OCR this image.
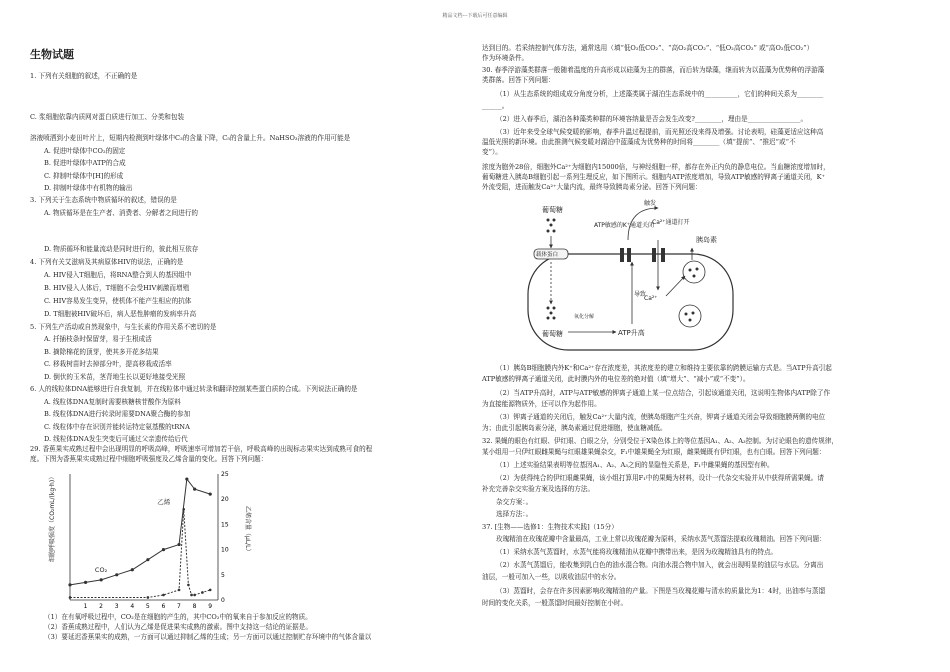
精品文档---下载后可任意编辑
生物试题
1. 下列有关细胞的叙述，不正确的是
C. 浆细胞依靠内质网对蛋白质进行加工、分类和包装
溶液喷洒到小麦田叶片上，短期内检测到叶绿体中C₃的含量下降，C₅的含量上升。NaHSO₃溶液的作用可能是
A. 促进叶绿体中CO₂的固定
B. 促进叶绿体中ATP的合成
C. 抑制叶绿体中[H]的形成
D. 抑制叶绿体中有机物的输出
3. 下列关于生态系统中物质循环的叙述，错误的是
A. 物质循环是在生产者、消费者、分解者之间进行的
D. 物质循环和能量流动是同时进行的，彼此相互依存
4. 下列有关艾滋病及其病原体HIV的说法，正确的是
A. HIV侵入T细胞后，将RNA整合到人的基因组中
B. HIV侵入人体后，T细胞不会受HIV刺激而增殖
C. HIV容易发生变异，使机体不能产生相应的抗体
D. T细胞被HIV破坏后，病人恶性肿瘤的发病率升高
5. 下列生产活动或自然现象中，与生长素的作用关系不密切的是
A. 扦插枝条时保留芽，易于生根成活
B. 摘除棉花的顶芽，使其多开花多结果
C. 移栽树苗时去掉部分叶，提高移栽成活率
D. 倒伏的玉米苗，茎背地生长以更好地接受光照
6. 人的线粒体DNA能够进行自我复制，并在线粒体中通过转录和翻译控制某些蛋白质的合成。下列说法正确的是
A. 线粒体DNA复制时需要核糖核苷酸作为原料
B. 线粒体DNA进行转录时需要DNA聚合酶的参加
C. 线粒体中存在识别并能转运特定氨基酸的tRNA
D. 线粒体DNA发生突变后可通过父亲遗传给后代
29. 香蕉果实成熟过程中会出现明显的呼吸高峰，呼吸速率可增加若干倍，呼吸高峰的出现标志果实达到成熟可食的程
度。下图为香蕉果实成熟过程中细胞呼吸强度及乙烯含量的变化。回答下列问题：
（1）在有氧呼吸过程中，CO₂是在细胞的产生的，其中CO₂中的氧来自于参加反应的物质。
（2）香蕉成熟过程中，人们认为乙烯是促进果实成熟的激素。图中支持这一结论的证据是。
（3）要延迟香蕉果实的成熟，一方面可以通过抑制乙烯的生成；另一方面可以通过控制贮存环境中的气体含量以
细胞呼吸强度（CO₂mL/(kg·h)）	乙烯含量（μL/L）
1 2 3 4 5 6 7 8 9
0
5
10
15
20
25
CO₂
乙烯
达到目的。若采纳控制气体方法，通常选用（填“低O₂低CO₂”、“高O₂高CO₂”、“低O₂高CO₂” 或“高O₂低CO₂”）
作为环境条件。
30. 春季浮游藻类群落一般随着温度的升高形成以硅藻为主的群落，而后转为绿藻，继而转为以蓝藻为优势种的浮游藻
类群落。回答下列问题：
（1）从生态系统的组成成分角度分析，上述藻类属于湖泊生态系统中的__________，它们的种间关系为________
______。
（2）进入春季后，湖泊各种藻类种群的环境容纳量是否会发生改变?________，理由是________________。
（3）近年来受全球气候变暖的影响，春季升温过程提前，而光照还没来得及增强。讨论表明，硅藻更适应这种高
温低光照的新环境。由此推测气候变暖对湖泊中蓝藻成为优势种的时间将________（填“提前”、“推迟”或“不
变”）。
浓度为胞外28倍，细胞外Ca²⁺为细胞内15000倍，与神经细胞一样，都存在外正内负的静息电位。当血糖浓度增加时，
葡萄糖进入胰岛B细胞引起一系列生理反应，如下图所示。细胞内ATP浓度增加，导致ATP敏感的钾离子通道关闭，K⁺
外流受阻，进而触发Ca²⁺大量内流，最终导致胰岛素分泌。回答下列问题：
（1）胰岛B细胞膜内外K⁺和Ca²⁺存在浓度差，其浓度差的建立和维持主要依靠的跨膜运输方式是。当ATP升高引起
ATP敏感的钾离子通道关闭，此时膜内外的电位差的绝对值（填“增大”、“减小”或“不变”）。
（2）当ATP升高时，ATP与ATP敏感的钾离子通道上某一位点结合，引起该通道关闭，这说明生物体内ATP除了作
为直接能源物质外，还可以作为起作用。
（3）钾离子通道的关闭后，触发Ca²⁺大量内流，使胰岛细胞产生兴奋，钾离子通道关闭会导致细胞膜两侧的电位
为；由此引起胰岛素分泌，胰岛素通过促进细胞，使血糖减低。
32. 果蝇的眼色有红眼、伊红眼、白眼之分，分别受位于X染色体上的等位基因A₁、A₂、A₃控制。为讨论眼色的遗传规律，
某小组用一只伊红眼雌果蝇与红眼雄果蝇杂交，F₁中雄果蝇全为红眼，雌果蝇既有伊红眼，也有白眼。回答下列问题：
（1）上述实验结果表明等位基因A₁、A₂、A₃之间的显隐性关系是，F₁中雌果蝇的基因型有种。
（2）为获得纯合的伊红眼雌果蝇，该小组打算用F₁中的果蝇为材料，设计一代杂交实验并从中获得所需果蝇。请
补充完善杂交实验方案及选择的方法。
杂交方案：。
选择方法：。
37. [生物——选修1：生物技术实践]（15分）
玫瑰精油在玫瑰花瓣中含量最高，工业上常以玫瑰花瓣为原料，采纳水蒸气蒸馏法提取玫瑰精油。回答下列问题：
（1）采纳水蒸气蒸馏时，水蒸气能将玫瑰精油从花瓣中携带出来，是因为玫瑰精油具有的特点。
（2）水蒸气蒸馏后，能收集到乳白色的油水混合物。向油水混合物中加入，就会出现明显的油层与水层。分离出
油层，一般可加入一些，以吸收油层中的水分。
（3）蒸馏时，会存在许多因素影响玫瑰精油的产量。下图是当玫瑰花瓣与清水的质量比为1：4时，出油率与蒸馏
时间的变化关系，一般蒸馏时间最好控制在小时。
葡萄糖
载体蛋白
葡萄糖
氧化分解
ATP升高
导致
ATP敏感的K⁺通道关闭
Ca²⁺通道打开
触发
Ca²⁺
胰岛素
